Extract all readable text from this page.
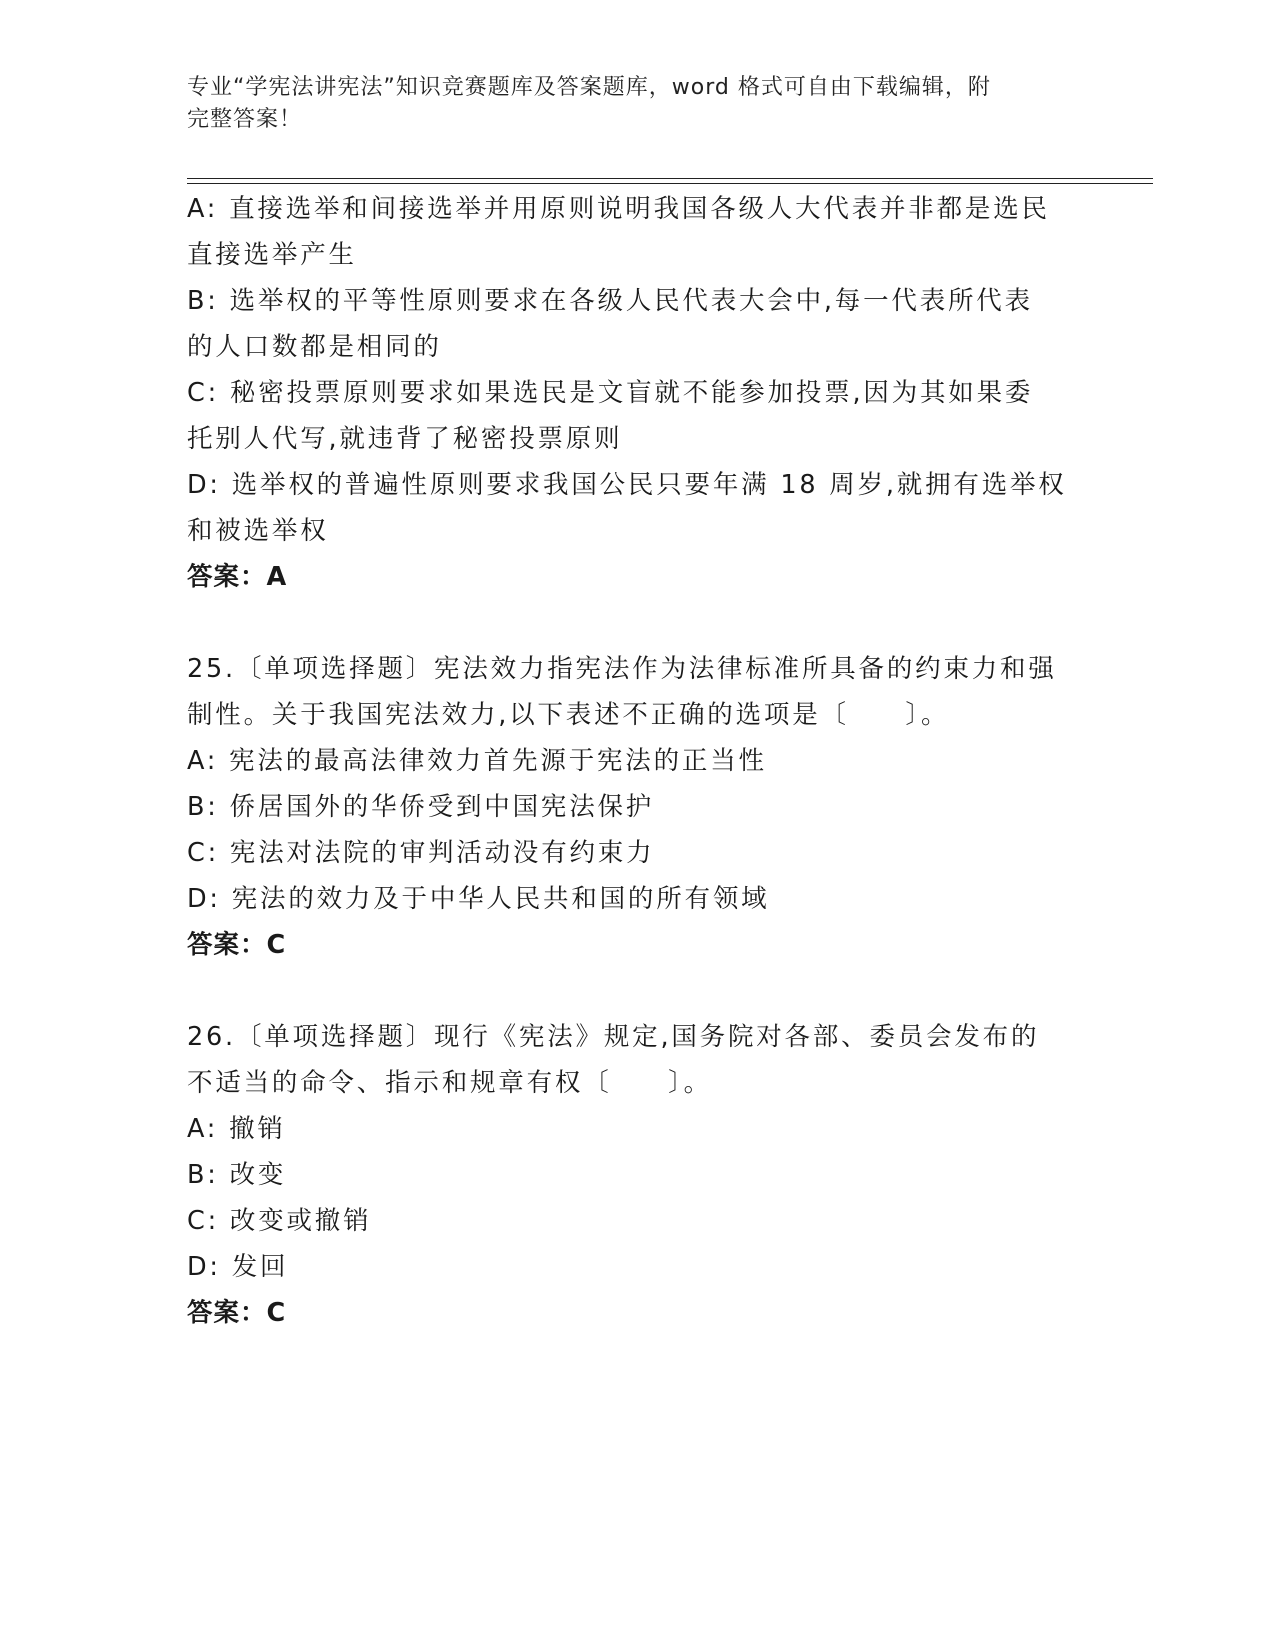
专业“学宪法讲宪法”知识竞赛题库及答案题库，word 格式可自由下载编辑，附
完整答案！
A: 直接选举和间接选举并用原则说明我国各级人大代表并非都是选民
直接选举产生
B: 选举权的平等性原则要求在各级人民代表大会中,每一代表所代表
的人口数都是相同的
C: 秘密投票原则要求如果选民是文盲就不能参加投票,因为其如果委
托别人代写,就违背了秘密投票原则
D: 选举权的普遍性原则要求我国公民只要年满 18 周岁,就拥有选举权
和被选举权
答案：A
25.〔单项选择题〕宪法效力指宪法作为法律标准所具备的约束力和强
制性。关于我国宪法效力,以下表述不正确的选项是〔　　〕。
A: 宪法的最高法律效力首先源于宪法的正当性
B: 侨居国外的华侨受到中国宪法保护
C: 宪法对法院的审判活动没有约束力
D: 宪法的效力及于中华人民共和国的所有领域
答案：C
26.〔单项选择题〕现行《宪法》规定,国务院对各部、委员会发布的
不适当的命令、指示和规章有权〔　　〕。
A: 撤销
B: 改变
C: 改变或撤销
D: 发回
答案：C
